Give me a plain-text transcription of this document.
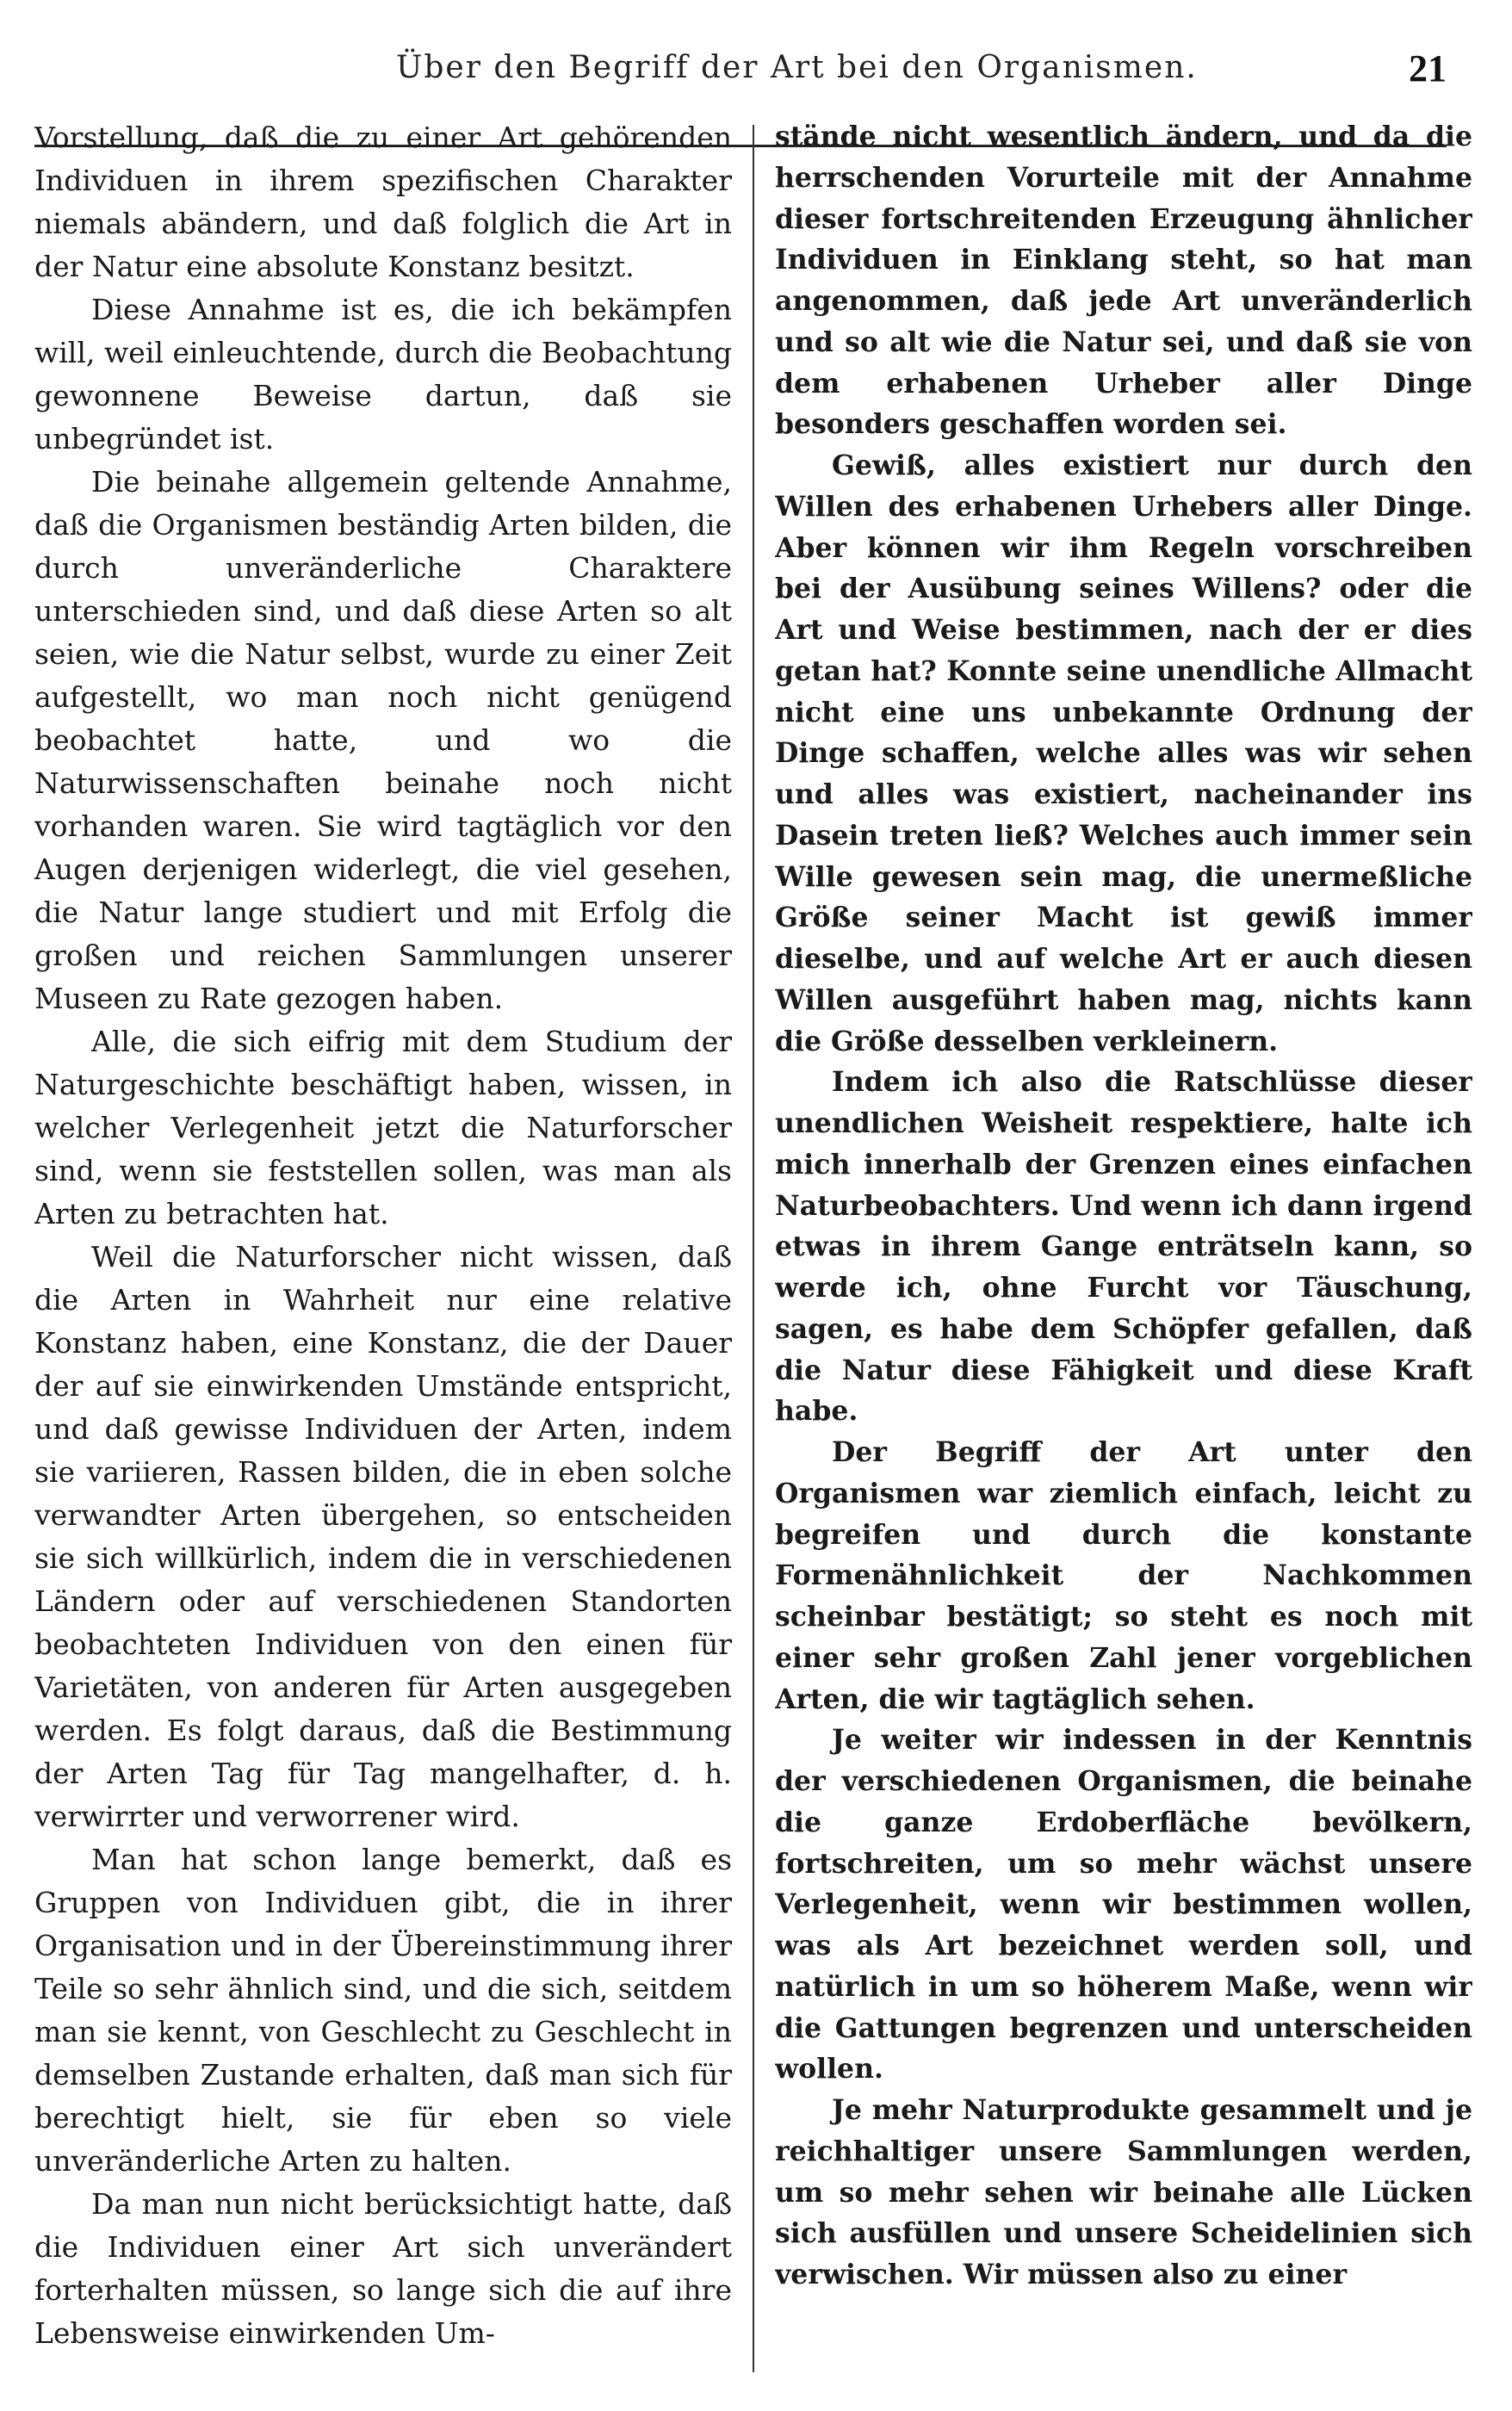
Über den Begriff der Art bei den Organismen.	21

Vorstellung, daß die zu einer Art gehörenden Individuen in ihrem spezifischen Charakter niemals abändern, und daß folglich die Art in der Natur eine absolute Konstanz besitzt.

Diese Annahme ist es, die ich bekämpfen will, weil einleuchtende, durch die Beobachtung gewonnene Beweise dartun, daß sie unbegründet ist.

Die beinahe allgemein geltende Annahme, daß die Organismen beständig Arten bilden, die durch unveränderliche Charaktere unterschieden sind, und daß diese Arten so alt seien, wie die Natur selbst, wurde zu einer Zeit aufgestellt, wo man noch nicht genügend beobachtet hatte, und wo die Naturwissenschaften beinahe noch nicht vorhanden waren. Sie wird tagtäglich vor den Augen derjenigen widerlegt, die viel gesehen, die Natur lange studiert und mit Erfolg die großen und reichen Sammlungen unserer Museen zu Rate gezogen haben.

Alle, die sich eifrig mit dem Studium der Naturgeschichte beschäftigt haben, wissen, in welcher Verlegenheit jetzt die Naturforscher sind, wenn sie feststellen sollen, was man als Arten zu betrachten hat.

Weil die Naturforscher nicht wissen, daß die Arten in Wahrheit nur eine relative Konstanz haben, eine Konstanz, die der Dauer der auf sie einwirkenden Umstände entspricht, und daß gewisse Individuen der Arten, indem sie variieren, Rassen bilden, die in eben solche verwandter Arten übergehen, so entscheiden sie sich willkürlich, indem die in verschiedenen Ländern oder auf verschiedenen Standorten beobachteten Individuen von den einen für Varietäten, von anderen für Arten ausgegeben werden. Es folgt daraus, daß die Bestimmung der Arten Tag für Tag mangelhafter, d. h. verwirrter und verworrener wird.

Man hat schon lange bemerkt, daß es Gruppen von Individuen gibt, die in ihrer Organisation und in der Übereinstimmung ihrer Teile so sehr ähnlich sind, und die sich, seitdem man sie kennt, von Geschlecht zu Geschlecht in demselben Zustande erhalten, daß man sich für berechtigt hielt, sie für eben so viele unveränderliche Arten zu halten.

Da man nun nicht berücksichtigt hatte, daß die Individuen einer Art sich unverändert forterhalten müssen, so lange sich die auf ihre Lebensweise einwirkenden Um-

stände nicht wesentlich ändern, und da die herrschenden Vorurteile mit der Annahme dieser fortschreitenden Erzeugung ähnlicher Individuen in Einklang steht, so hat man angenommen, daß jede Art unveränderlich und so alt wie die Natur sei, und daß sie von dem erhabenen Urheber aller Dinge besonders geschaffen worden sei.

Gewiß, alles existiert nur durch den Willen des erhabenen Urhebers aller Dinge. Aber können wir ihm Regeln vorschreiben bei der Ausübung seines Willens? oder die Art und Weise bestimmen, nach der er dies getan hat? Konnte seine unendliche Allmacht nicht eine uns unbekannte Ordnung der Dinge schaffen, welche alles was wir sehen und alles was existiert, nacheinander ins Dasein treten ließ? Welches auch immer sein Wille gewesen sein mag, die unermeßliche Größe seiner Macht ist gewiß immer dieselbe, und auf welche Art er auch diesen Willen ausgeführt haben mag, nichts kann die Größe desselben verkleinern.

Indem ich also die Ratschlüsse dieser unendlichen Weisheit respektiere, halte ich mich innerhalb der Grenzen eines einfachen Naturbeobachters. Und wenn ich dann irgend etwas in ihrem Gange enträtseln kann, so werde ich, ohne Furcht vor Täuschung, sagen, es habe dem Schöpfer gefallen, daß die Natur diese Fähigkeit und diese Kraft habe.

Der Begriff der Art unter den Organismen war ziemlich einfach, leicht zu begreifen und durch die konstante Formenähnlichkeit der Nachkommen scheinbar bestätigt; so steht es noch mit einer sehr großen Zahl jener vorgeblichen Arten, die wir tagtäglich sehen.

Je weiter wir indessen in der Kenntnis der verschiedenen Organismen, die beinahe die ganze Erdoberfläche bevölkern, fortschreiten, um so mehr wächst unsere Verlegenheit, wenn wir bestimmen wollen, was als Art bezeichnet werden soll, und natürlich in um so höherem Maße, wenn wir die Gattungen begrenzen und unterscheiden wollen.

Je mehr Naturprodukte gesammelt und je reichhaltiger unsere Sammlungen werden, um so mehr sehen wir beinahe alle Lücken sich ausfüllen und unsere Scheidelinien sich verwischen. Wir müssen also zu einer
